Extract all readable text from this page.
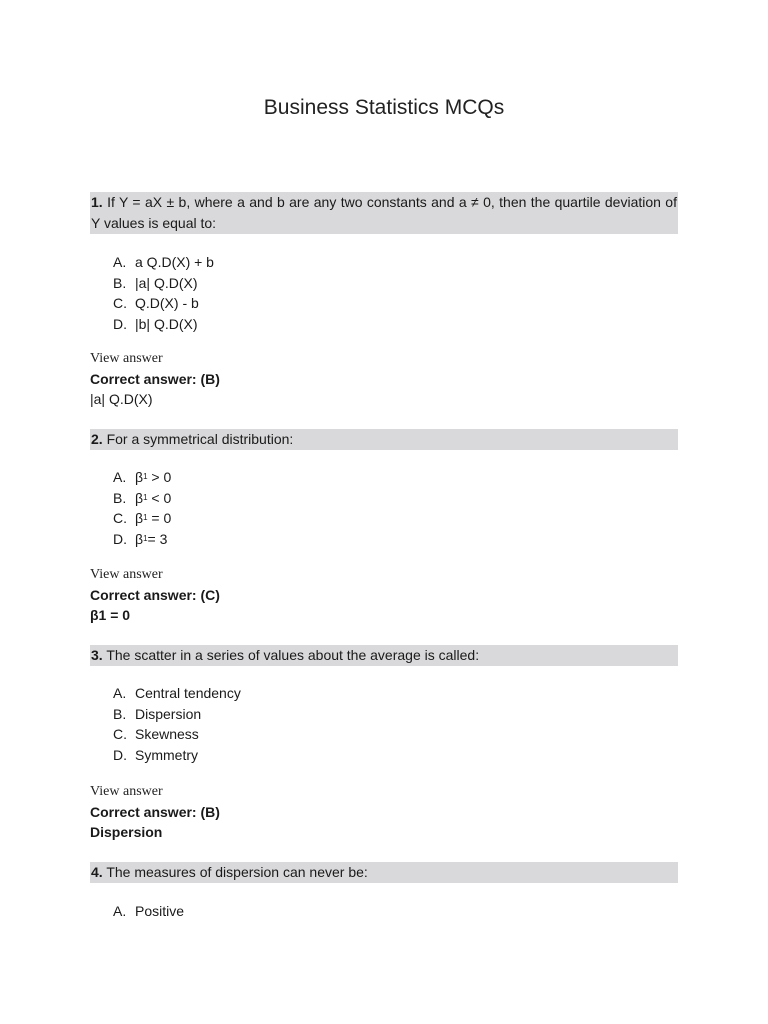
Business Statistics MCQs
1. If Y = aX ± b, where a and b are any two constants and a ≠ 0, then the quartile deviation of Y values is equal to:
A. a Q.D(X) + b
B. |a| Q.D(X)
C. Q.D(X) - b
D. |b| Q.D(X)
View answer
Correct answer: (B)
|a| Q.D(X)
2. For a symmetrical distribution:
A. β 1 > 0
B. β 1 < 0
C. β 1 = 0
D. β 1 = 3
View answer
Correct answer: (C)
β1 = 0
3. The scatter in a series of values about the average is called:
A. Central tendency
B. Dispersion
C. Skewness
D. Symmetry
View answer
Correct answer: (B)
Dispersion
4. The measures of dispersion can never be:
A. Positive
